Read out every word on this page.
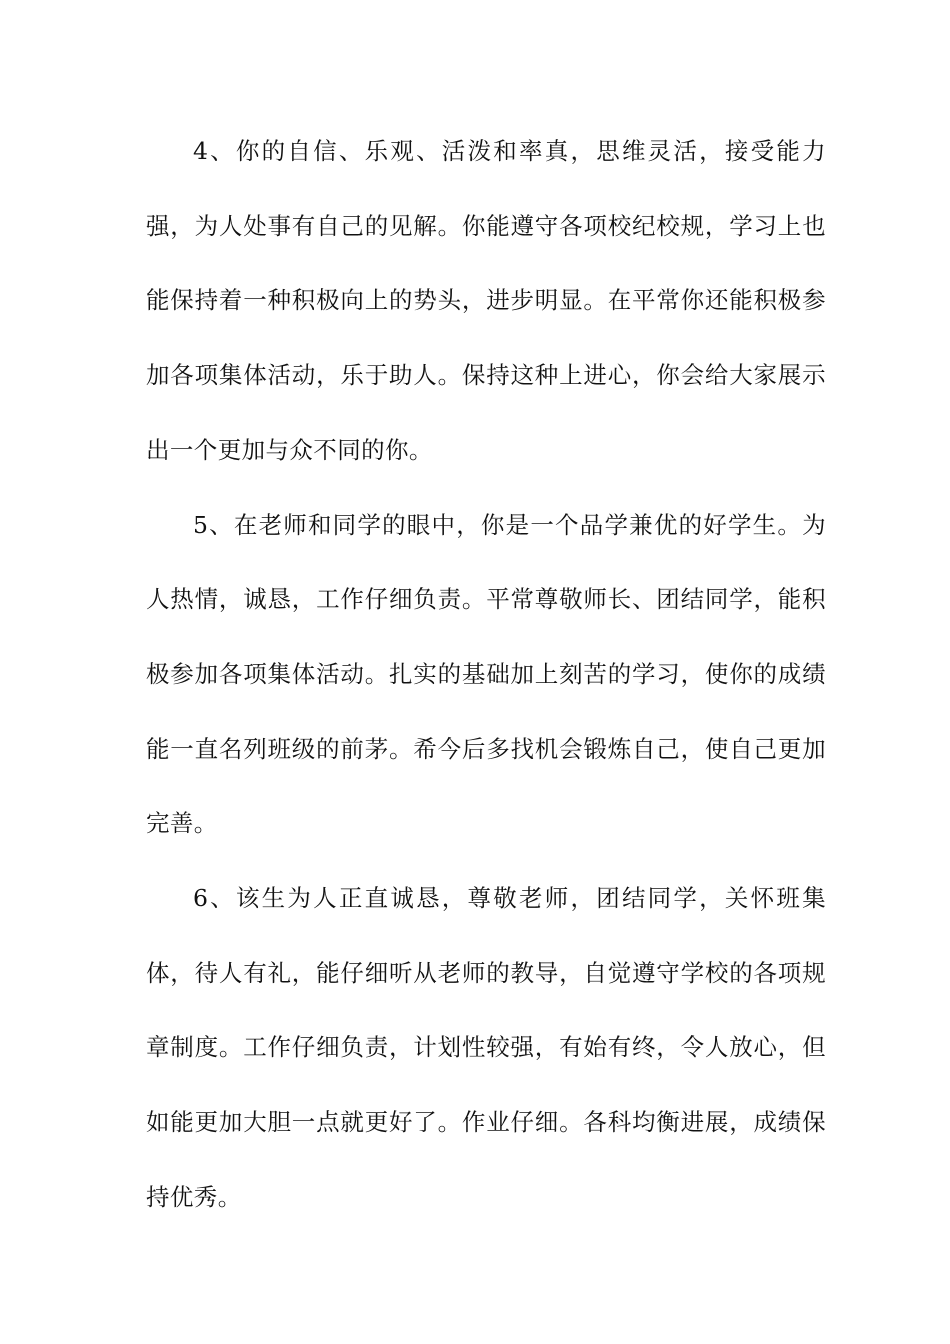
4、你的自信、乐观、活泼和率真，思维灵活，接受能力强，为人处事有自己的见解。你能遵守各项校纪校规，学习上也能保持着一种积极向上的势头，进步明显。在平常你还能积极参加各项集体活动，乐于助人。保持这种上进心，你会给大家展示出一个更加与众不同的你。

5、在老师和同学的眼中，你是一个品学兼优的好学生。为人热情，诚恳，工作仔细负责。平常尊敬师长、团结同学，能积极参加各项集体活动。扎实的基础加上刻苦的学习，使你的成绩能一直名列班级的前茅。希今后多找机会锻炼自己，使自己更加完善。

6、该生为人正直诚恳，尊敬老师，团结同学，关怀班集体，待人有礼，能仔细听从老师的教导，自觉遵守学校的各项规章制度。工作仔细负责，计划性较强，有始有终，令人放心，但如能更加大胆一点就更好了。作业仔细。各科均衡进展，成绩保持优秀。
